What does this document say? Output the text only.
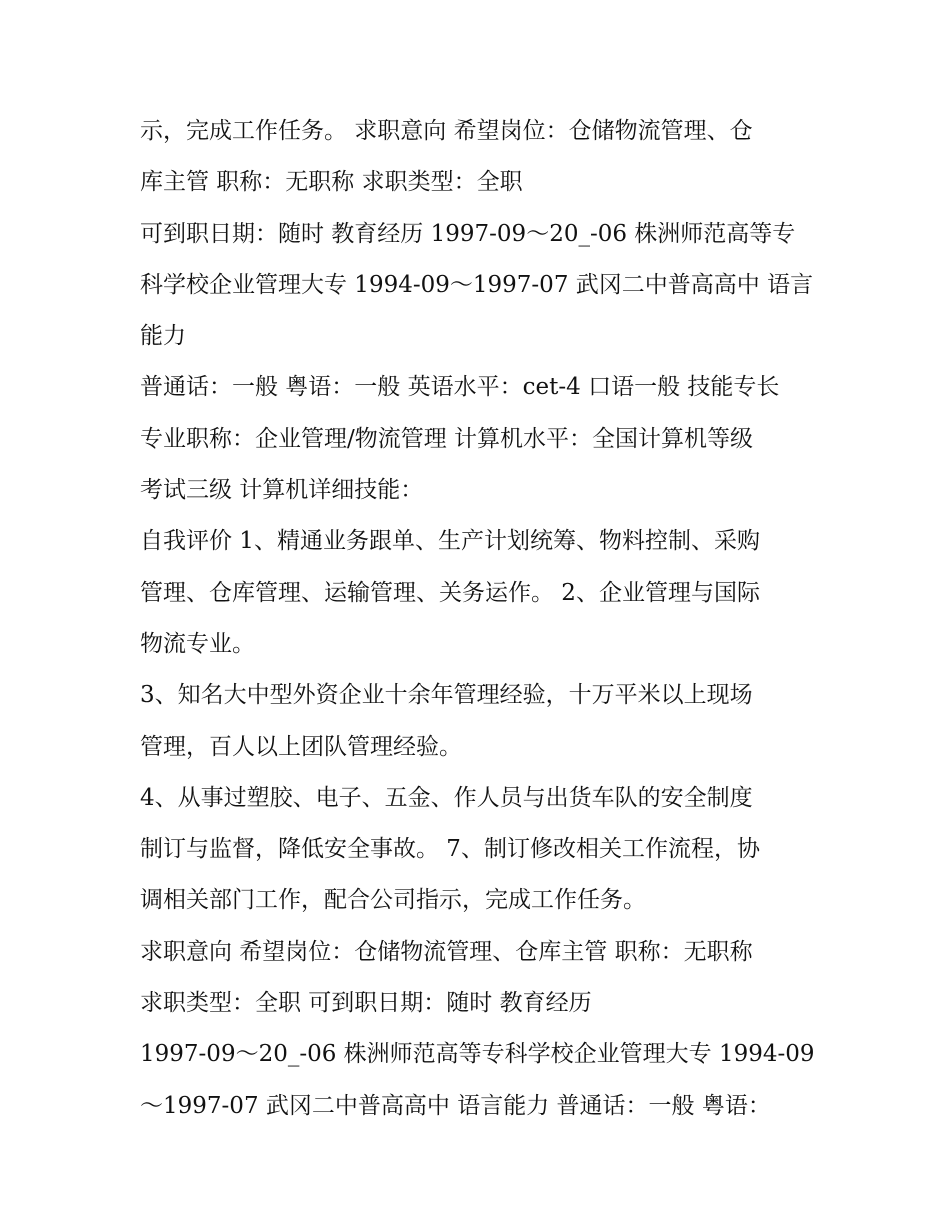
示，完成工作任务。 求职意向 希望岗位：仓储物流管理、仓
库主管 职称：无职称 求职类型：全职
可到职日期：随时 教育经历 1997-09～20_-06 株洲师范高等专
科学校企业管理大专 1994-09～1997-07 武冈二中普高高中 语言
能力
普通话：一般 粤语：一般 英语水平：cet-4 口语一般 技能专长
专业职称：企业管理/物流管理 计算机水平：全国计算机等级
考试三级 计算机详细技能：
自我评价 1、精通业务跟单、生产计划统筹、物料控制、采购
管理、仓库管理、运输管理、关务运作。 2、企业管理与国际
物流专业。
3、知名大中型外资企业十余年管理经验，十万平米以上现场
管理，百人以上团队管理经验。
4、从事过塑胶、电子、五金、作人员与出货车队的安全制度
制订与监督，降低安全事故。 7、制订修改相关工作流程，协
调相关部门工作，配合公司指示，完成工作任务。
求职意向 希望岗位：仓储物流管理、仓库主管 职称：无职称
求职类型：全职 可到职日期：随时 教育经历
1997-09～20_-06 株洲师范高等专科学校企业管理大专 1994-09
～1997-07 武冈二中普高高中 语言能力 普通话：一般 粤语：
